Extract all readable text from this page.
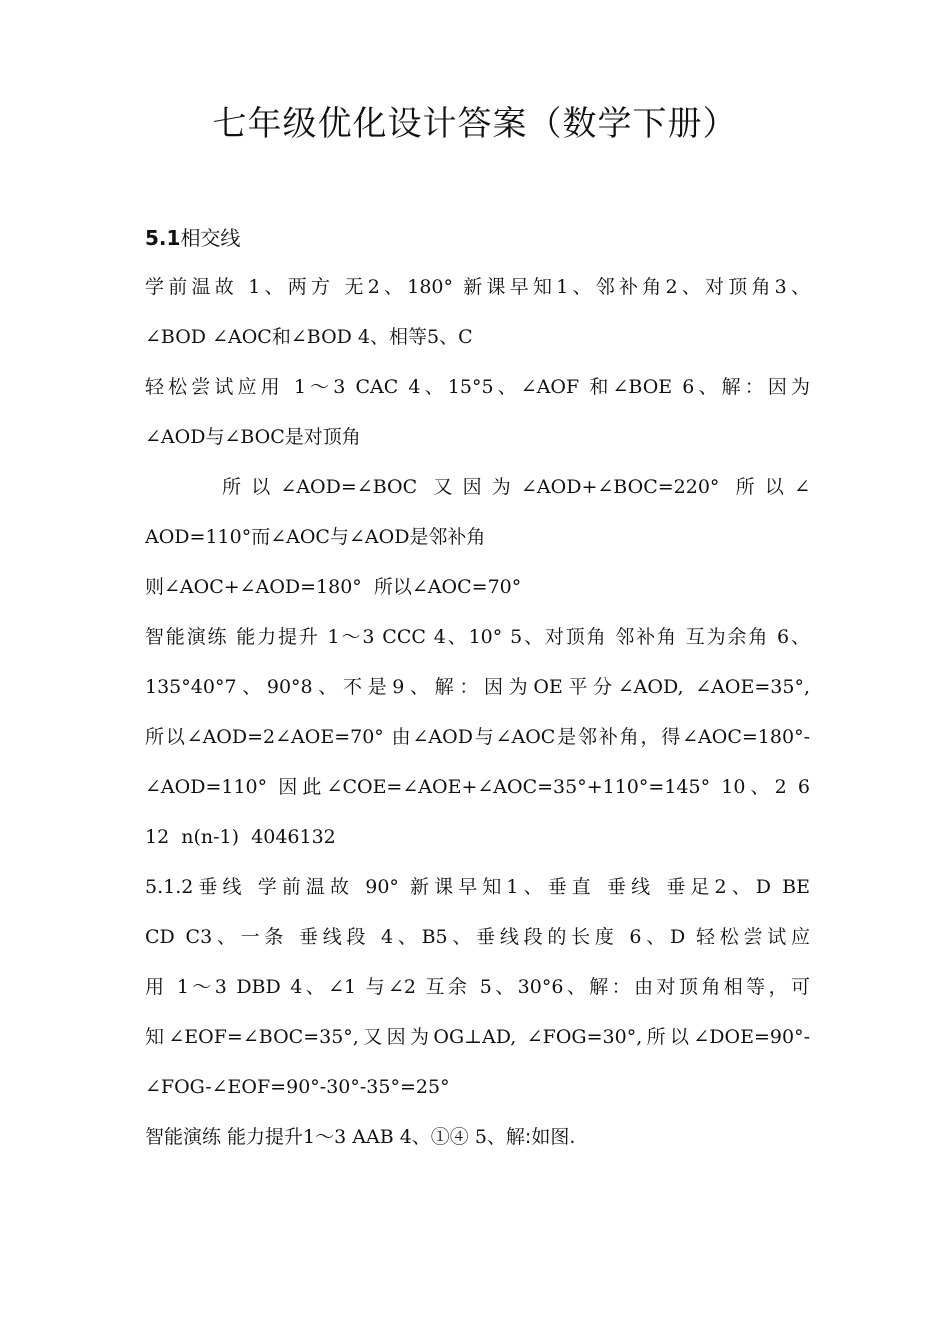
七年级优化设计答案（数学下册）
5.1相交线
学前温故 1、两方 无2、180° 新课早知1、邻补角2、对顶角3、
∠BOD ∠AOC和∠BOD 4、相等5、C
轻松尝试应用 1～3 CAC 4、15°5、∠AOF 和∠BOE 6、解：因为
∠AOD与∠BOC是对顶角
所以∠AOD=∠BOC 又因为∠AOD+∠BOC=220° 所以∠
AOD=110°而∠AOC与∠AOD是邻补角
则∠AOC+∠AOD=180°  所以∠AOC=70°
智能演练 能力提升 1～3 CCC 4、10° 5、对顶角 邻补角 互为余角 6、
135°40°7、90°8、不是9、解：因为OE平分∠AOD, ∠AOE=35°,
所以∠AOD=2∠AOE=70° 由∠AOD与∠AOC是邻补角，得∠AOC=180°-
∠AOD=110° 因此∠COE=∠AOE+∠AOC=35°+110°=145° 10、2 6
12  n(n-1)  4046132
5.1.2垂线 学前温故 90° 新课早知1、垂直 垂线 垂足2、D BE
CD C3、一条 垂线段 4、B5、垂线段的长度 6、D 轻松尝试应
用 1～3 DBD 4、∠1 与∠2 互余 5、30°6、解：由对顶角相等，可
知∠EOF=∠BOC=35°,又因为OG⊥AD, ∠FOG=30°,所以∠DOE=90°-
∠FOG-∠EOF=90°-30°-35°=25°
智能演练 能力提升1～3 AAB 4、①④ 5、解:如图.
